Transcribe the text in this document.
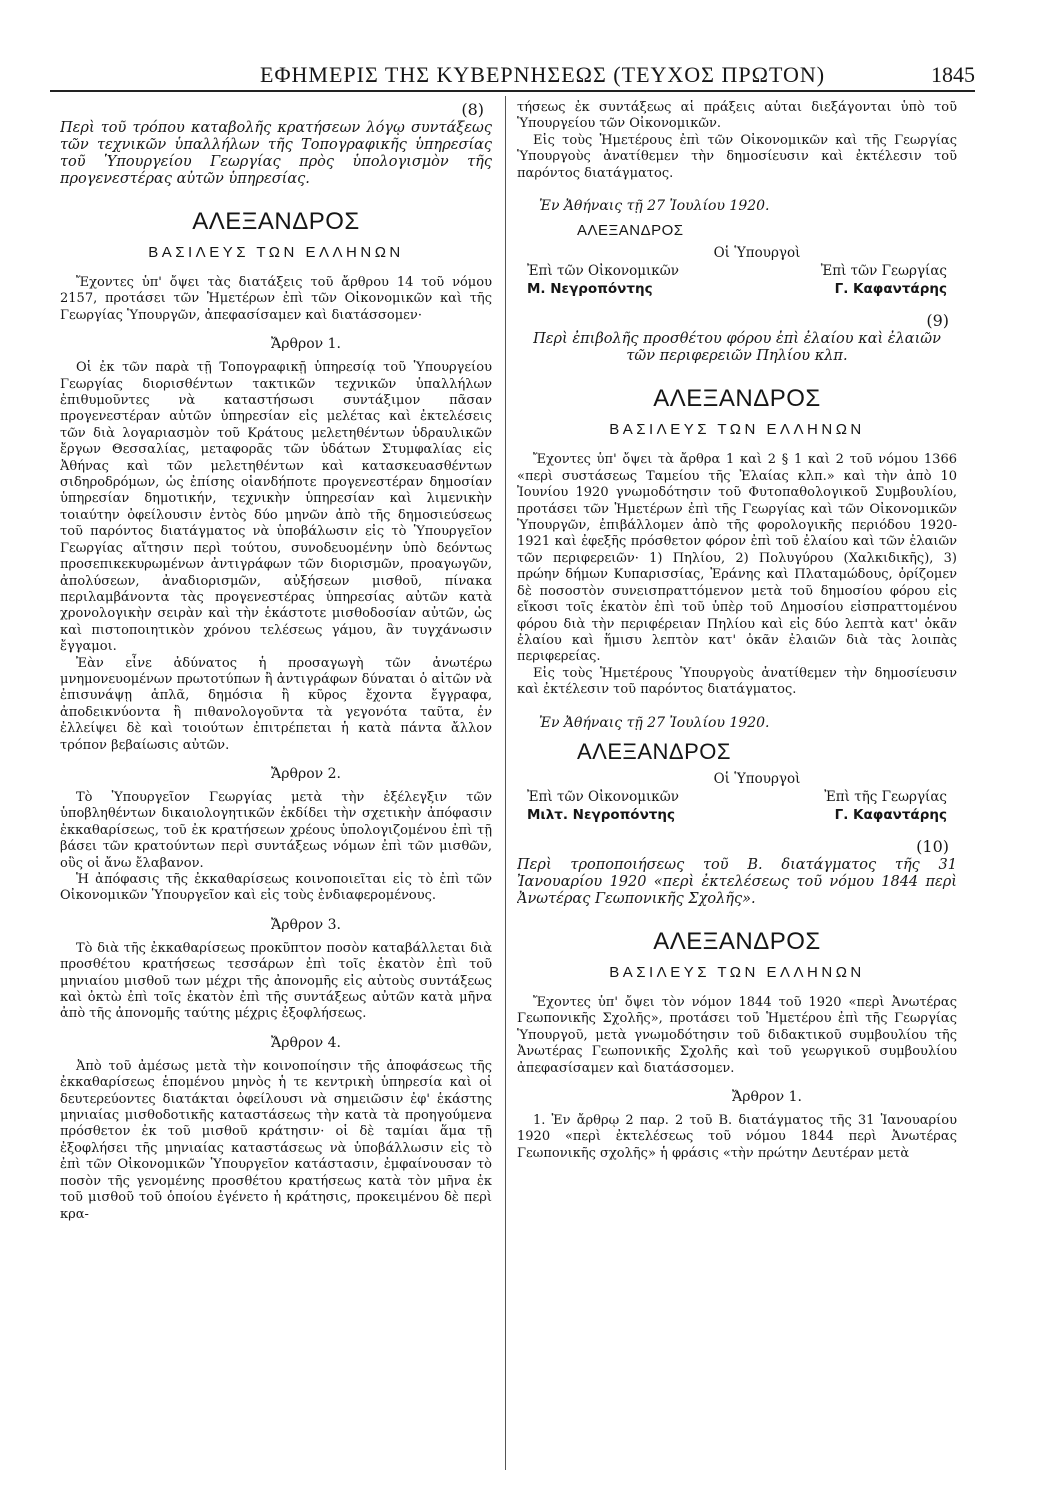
ΕΦΗΜΕΡΙΣ ΤΗΣ ΚΥΒΕΡΝΗΣΕΩΣ (ΤΕΥΧΟΣ ΠΡΩΤΟΝ)	1845
(8)

Περὶ τοῦ τρόπου καταβολῆς κρατήσεων λόγῳ συντάξεως τῶν τεχνικῶν ὑπαλλήλων τῆς Τοπογραφικῆς ὑπηρεσίας τοῦ Ὑπουργείου Γεωργίας πρὸς ὑπολογισμὸν τῆς προγενεστέρας αὐτῶν ὑπηρεσίας.

ΑΛΕΞΑΝΔΡΟΣ
ΒΑΣΙΛΕΥΣ ΤΩΝ ΕΛΛΗΝΩΝ

Ἔχοντες ὑπ' ὄψει τὰς διατάξεις τοῦ ἄρθρου 14 τοῦ νόμου 2157, προτάσει τῶν Ἡμετέρων ἐπὶ τῶν Οἰκονομικῶν καὶ τῆς Γεωργίας Ὑπουργῶν, ἀπεφασίσαμεν καὶ διατάσσομεν·

Ἄρθρον 1.

Οἱ ἐκ τῶν παρὰ τῇ Τοπογραφικῇ ὑπηρεσίᾳ τοῦ Ὑπουργείου Γεωργίας διορισθέντων τακτικῶν τεχνικῶν ὑπαλλήλων ἐπιθυμοῦντες νὰ καταστήσωσι συντάξιμον πᾶσαν προγενεστέραν αὐτῶν ὑπηρεσίαν εἰς μελέτας καὶ ἐκτελέσεις τῶν διὰ λογαριασμὸν τοῦ Κράτους μελετηθέντων ὑδραυλικῶν ἔργων Θεσσαλίας, μεταφορᾶς τῶν ὑδάτων Στυμφαλίας εἰς Ἀθήνας καὶ τῶν μελετηθέντων καὶ κατασκευασθέντων σιδηροδρόμων, ὡς ἐπίσης οἱανδήποτε προγενεστέραν δημοσίαν ὑπηρεσίαν δημοτικήν, τεχνικὴν ὑπηρεσίαν καὶ λιμενικὴν τοιαύτην ὀφείλουσιν ἐντὸς δύο μηνῶν ἀπὸ τῆς δημοσιεύσεως τοῦ παρόντος διατάγματος νὰ ὑποβάλωσιν εἰς τὸ Ὑπουργεῖον Γεωργίας αἴτησιν περὶ τούτου, συνοδευομένην ὑπὸ δεόντως προσεπικεκυρωμένων ἀντιγράφων τῶν διορισμῶν, προαγωγῶν, ἀπολύσεων, ἀναδιορισμῶν, αὐξήσεων μισθοῦ, πίνακα περιλαμβάνοντα τὰς προγενεστέρας ὑπηρεσίας αὐτῶν κατὰ χρονολογικὴν σειρὰν καὶ τὴν ἑκάστοτε μισθοδοσίαν αὐτῶν, ὡς καὶ πιστοποιητικὸν χρόνου τελέσεως γάμου, ἂν τυγχάνωσιν ἔγγαμοι.

Ἐὰν εἶνε ἀδύνατος ἡ προσαγωγὴ τῶν ἀνωτέρω μνημονευομένων πρωτοτύπων ἢ ἀντιγράφων δύναται ὁ αἰτῶν νὰ ἐπισυνάψῃ ἁπλᾶ, δημόσια ἢ κῦρος ἔχοντα ἔγγραφα, ἀποδεικνύοντα ἢ πιθανολογοῦντα τὰ γεγονότα ταῦτα, ἐν ἐλλείψει δὲ καὶ τοιούτων ἐπιτρέπεται ἡ κατὰ πάντα ἄλλον τρόπον βεβαίωσις αὐτῶν.

Ἄρθρον 2.

Τὸ Ὑπουργεῖον Γεωργίας μετὰ τὴν ἐξέλεγξιν τῶν ὑποβληθέντων δικαιολογητικῶν ἐκδίδει τὴν σχετικὴν ἀπόφασιν ἐκκαθαρίσεως, τοῦ ἐκ κρατήσεων χρέους ὑπολογιζομένου ἐπὶ τῇ βάσει τῶν κρατούντων περὶ συντάξεως νόμων ἐπὶ τῶν μισθῶν, οὓς οἱ ἄνω ἔλαβανον.

Ἡ ἀπόφασις τῆς ἐκκαθαρίσεως κοινοποιεῖται εἰς τὸ ἐπὶ τῶν Οἰκονομικῶν Ὑπουργεῖον καὶ εἰς τοὺς ἐνδιαφερομένους.

Ἄρθρον 3.

Τὸ διὰ τῆς ἐκκαθαρίσεως προκῦπτον ποσὸν καταβάλλεται διὰ προσθέτου κρατήσεως τεσσάρων ἐπὶ τοῖς ἑκατὸν ἐπὶ τοῦ μηνιαίου μισθοῦ των μέχρι τῆς ἀπονομῆς εἰς αὐτοὺς συντάξεως καὶ ὀκτὼ ἐπὶ τοῖς ἑκατὸν ἐπὶ τῆς συντάξεως αὐτῶν κατὰ μῆνα ἀπὸ τῆς ἀπονομῆς ταύτης μέχρις ἐξοφλήσεως.

Ἄρθρον 4.

Ἀπὸ τοῦ ἀμέσως μετὰ τὴν κοινοποίησιν τῆς ἀποφάσεως τῆς ἐκκαθαρίσεως ἑπομένου μηνὸς ἡ τε κεντρικὴ ὑπηρεσία καὶ οἱ δευτερεύοντες διατάκται ὀφείλουσι νὰ σημειῶσιν ἐφ' ἑκάστης μηνιαίας μισθοδοτικῆς καταστάσεως τὴν κατὰ τὰ προηγούμενα πρόσθετον ἐκ τοῦ μισθοῦ κράτησιν· οἱ δὲ ταμίαι ἅμα τῇ ἐξοφλήσει τῆς μηνιαίας καταστάσεως νὰ ὑποβάλλωσιν εἰς τὸ ἐπὶ τῶν Οἰκονομικῶν Ὑπουργεῖον κατάστασιν, ἐμφαίνουσαν τὸ ποσὸν τῆς γενομένης προσθέτου κρατήσεως κατὰ τὸν μῆνα ἐκ τοῦ μισθοῦ τοῦ ὁποίου ἐγένετο ἡ κράτησις, προκειμένου δὲ περὶ κρα-

τήσεως ἐκ συντάξεως αἱ πράξεις αὗται διεξάγονται ὑπὸ τοῦ Ὑπουργείου τῶν Οἰκονομικῶν.

Εἰς τοὺς Ἡμετέρους ἐπὶ τῶν Οἰκονομικῶν καὶ τῆς Γεωργίας Ὑπουργοὺς ἀνατίθεμεν τὴν δημοσίευσιν καὶ ἐκτέλεσιν τοῦ παρόντος διατάγματος.

Ἐν Ἀθήναις τῇ 27 Ἰουλίου 1920.

ΑΛΕΞΑΝΔΡΟΣ
Οἱ Ὑπουργοὶ
Ἐπὶ τῶν Οἰκονομικῶν	Ἐπὶ τῶν Γεωργίας
Μ. Νεγροπόντης	Γ. Καφαντάρης
(9)

Περὶ ἐπιβολῆς προσθέτου φόρου ἐπὶ ἐλαίου καὶ ἐλαιῶν τῶν περιφερειῶν Πηλίου κλπ.

ΑΛΕΞΑΝΔΡΟΣ
ΒΑΣΙΛΕΥΣ ΤΩΝ ΕΛΛΗΝΩΝ

Ἔχοντες ὑπ' ὄψει τὰ ἄρθρα 1 καὶ 2 § 1 καὶ 2 τοῦ νόμου 1366 «περὶ συστάσεως Ταμείου τῆς Ἐλαίας κλπ.» καὶ τὴν ἀπὸ 10 Ἰουνίου 1920 γνωμοδότησιν τοῦ Φυτοπαθολογικοῦ Συμβουλίου, προτάσει τῶν Ἡμετέρων ἐπὶ τῆς Γεωργίας καὶ τῶν Οἰκονομικῶν Ὑπουργῶν, ἐπιβάλλομεν ἀπὸ τῆς φορολογικῆς περιόδου 1920-1921 καὶ ἐφεξῆς πρόσθετον φόρον ἐπὶ τοῦ ἐλαίου καὶ τῶν ἐλαιῶν τῶν περιφερειῶν· 1) Πηλίου, 2) Πολυγύρου (Χαλκιδικῆς), 3) πρώην δήμων Κυπαρισσίας, Ἐράνης καὶ Πλαταμώδους, ὁρίζομεν δὲ ποσοστὸν συνεισπραττόμενον μετὰ τοῦ δημοσίου φόρου εἰς εἴκοσι τοῖς ἑκατὸν ἐπὶ τοῦ ὑπὲρ τοῦ Δημοσίου εἰσπραττομένου φόρου διὰ τὴν περιφέρειαν Πηλίου καὶ εἰς δύο λεπτὰ κατ' ὀκᾶν ἐλαίου καὶ ἥμισυ λεπτὸν κατ' ὀκᾶν ἐλαιῶν διὰ τὰς λοιπὰς περιφερείας.

Εἰς τοὺς Ἡμετέρους Ὑπουργοὺς ἀνατίθεμεν τὴν δημοσίευσιν καὶ ἐκτέλεσιν τοῦ παρόντος διατάγματος.

Ἐν Ἀθήναις τῇ 27 Ἰουλίου 1920.

ΑΛΕΞΑΝΔΡΟΣ
Οἱ Ὑπουργοὶ
Ἐπὶ τῶν Οἰκονομικῶν	Ἐπὶ τῆς Γεωργίας
Μιλτ. Νεγροπόντης	Γ. Καφαντάρης
(10)

Περὶ τροποποιήσεως τοῦ Β. διατάγματος τῆς 31 Ἰανουαρίου 1920 «περὶ ἐκτελέσεως τοῦ νόμου 1844 περὶ Ἀνωτέρας Γεωπονικῆς Σχολῆς».

ΑΛΕΞΑΝΔΡΟΣ
ΒΑΣΙΛΕΥΣ ΤΩΝ ΕΛΛΗΝΩΝ

Ἔχοντες ὑπ' ὄψει τὸν νόμον 1844 τοῦ 1920 «περὶ Ἀνωτέρας Γεωπονικῆς Σχολῆς», προτάσει τοῦ Ἡμετέρου ἐπὶ τῆς Γεωργίας Ὑπουργοῦ, μετὰ γνωμοδότησιν τοῦ διδακτικοῦ συμβουλίου τῆς Ἀνωτέρας Γεωπονικῆς Σχολῆς καὶ τοῦ γεωργικοῦ συμβουλίου ἀπεφασίσαμεν καὶ διατάσσομεν.

Ἄρθρον 1.

1. Ἐν ἄρθρῳ 2 παρ. 2 τοῦ Β. διατάγματος τῆς 31 Ἰανουαρίου 1920 «περὶ ἐκτελέσεως τοῦ νόμου 1844 περὶ Ἀνωτέρας Γεωπονικῆς σχολῆς» ἡ φράσις «τὴν πρώτην Δευτέραν μετὰ
